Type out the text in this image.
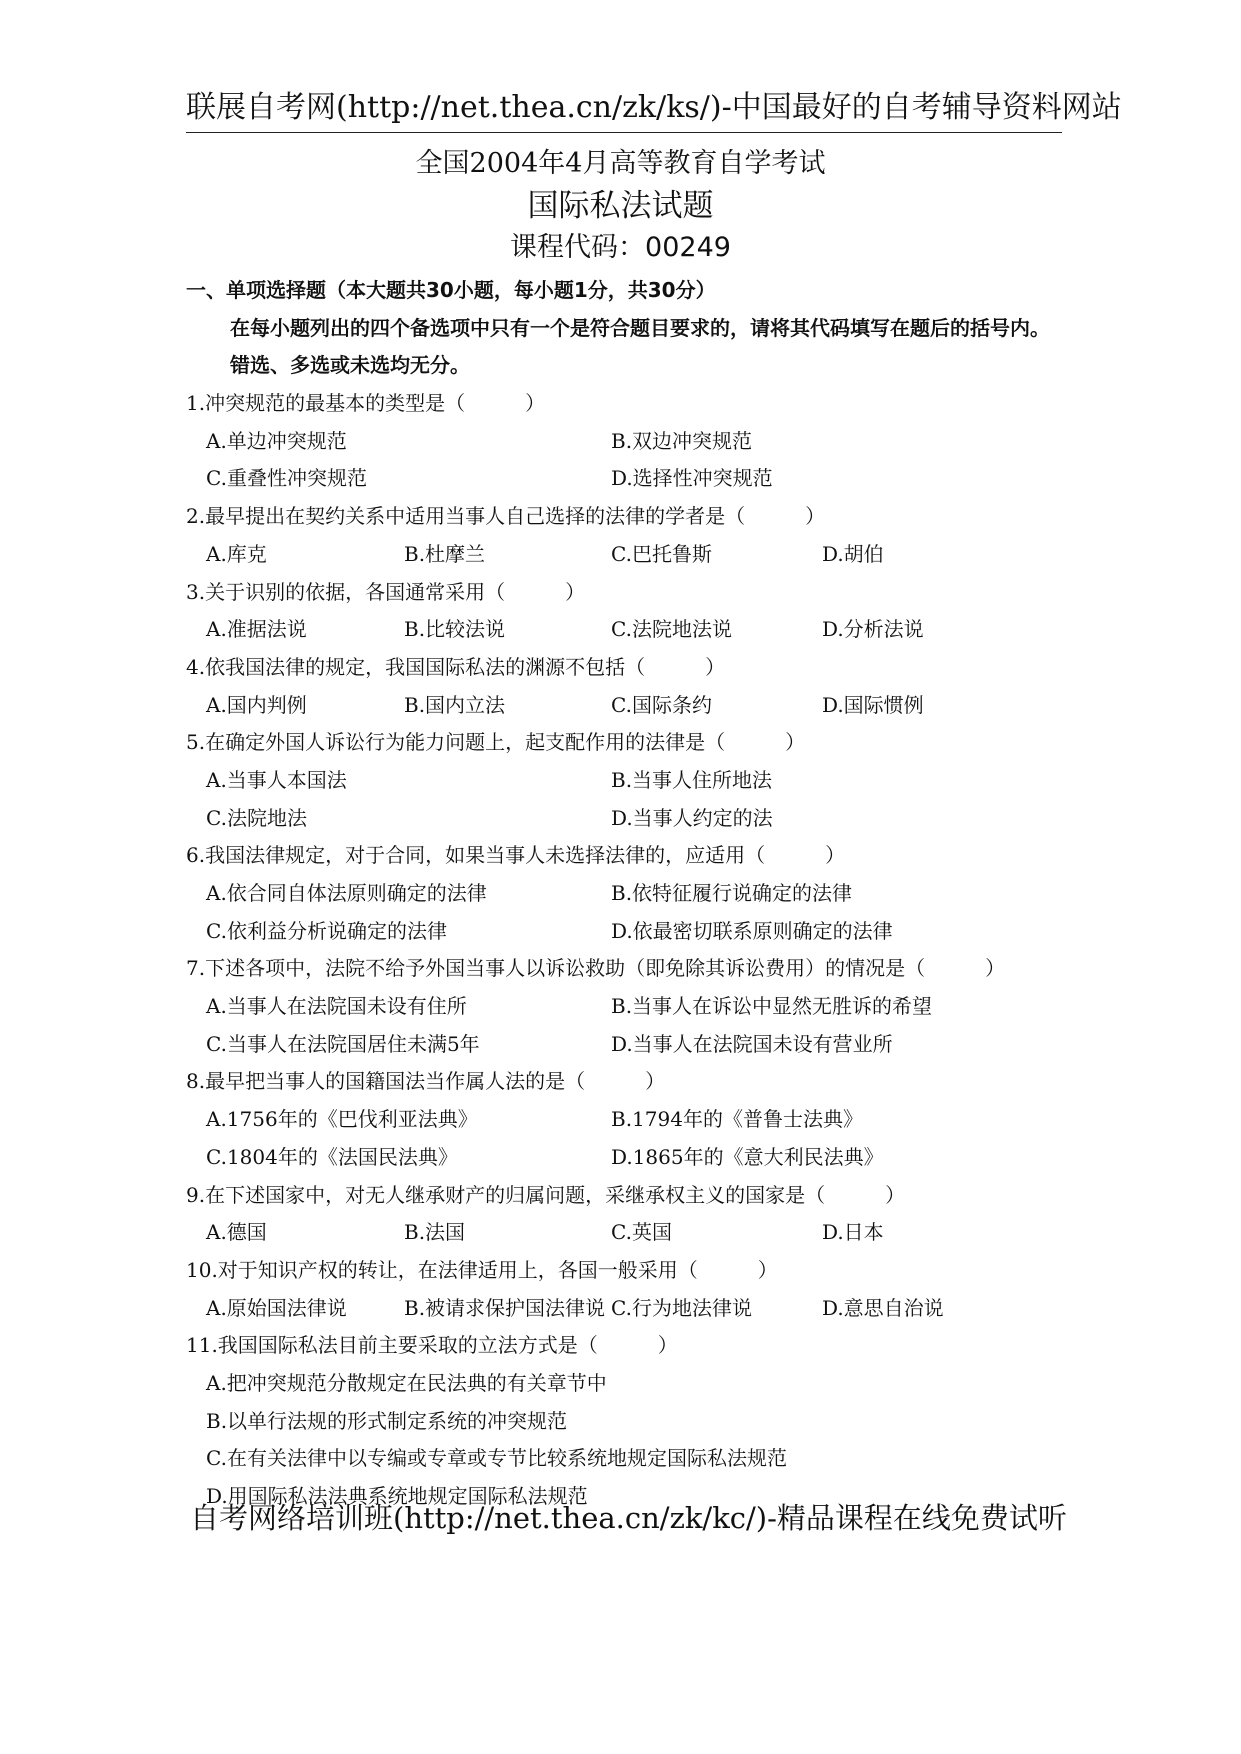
联展自考网(http://net.thea.cn/zk/ks/)-中国最好的自考辅导资料网站
全国2004年4月高等教育自学考试
国际私法试题
课程代码：00249
一、单项选择题（本大题共30小题，每小题1分，共30分）
在每小题列出的四个备选项中只有一个是符合题目要求的，请将其代码填写在题后的括号内。错选、多选或未选均无分。
1.冲突规范的最基本的类型是（　　　）
A.单边冲突规范	B.双边冲突规范
C.重叠性冲突规范	D.选择性冲突规范
2.最早提出在契约关系中适用当事人自己选择的法律的学者是（　　　）
A.库克	B.杜摩兰	C.巴托鲁斯	D.胡伯
3.关于识别的依据，各国通常采用（　　　）
A.准据法说	B.比较法说	C.法院地法说	D.分析法说
4.依我国法律的规定，我国国际私法的渊源不包括（　　　）
A.国内判例	B.国内立法	C.国际条约	D.国际惯例
5.在确定外国人诉讼行为能力问题上，起支配作用的法律是（　　　）
A.当事人本国法	B.当事人住所地法
C.法院地法	D.当事人约定的法
6.我国法律规定，对于合同，如果当事人未选择法律的，应适用（　　　）
A.依合同自体法原则确定的法律	B.依特征履行说确定的法律
C.依利益分析说确定的法律	D.依最密切联系原则确定的法律
7.下述各项中，法院不给予外国当事人以诉讼救助（即免除其诉讼费用）的情况是（　　　）
A.当事人在法院国未设有住所	B.当事人在诉讼中显然无胜诉的希望
C.当事人在法院国居住未满5年	D.当事人在法院国未设有营业所
8.最早把当事人的国籍国法当作属人法的是（　　　）
A.1756年的《巴伐利亚法典》	B.1794年的《普鲁士法典》
C.1804年的《法国民法典》	D.1865年的《意大利民法典》
9.在下述国家中，对无人继承财产的归属问题，采继承权主义的国家是（　　　）
A.德国	B.法国	C.英国	D.日本
10.对于知识产权的转让，在法律适用上，各国一般采用（　　　）
A.原始国法律说	B.被请求保护国法律说 C.行为地法律说	D.意思自治说
11.我国国际私法目前主要采取的立法方式是（　　　）
A.把冲突规范分散规定在民法典的有关章节中
B.以单行法规的形式制定系统的冲突规范
C.在有关法律中以专编或专章或专节比较系统地规定国际私法规范
D.用国际私法法典系统地规定国际私法规范
自考网络培训班(http://net.thea.cn/zk/kc/)-精品课程在线免费试听
